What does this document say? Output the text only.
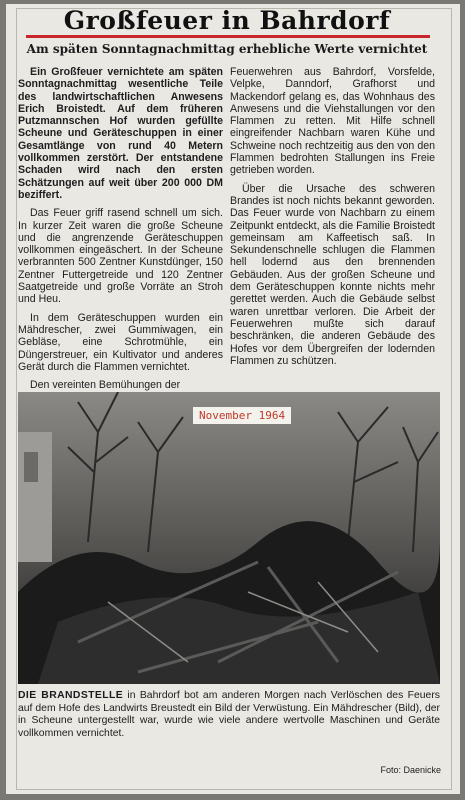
Großfeuer in Bahrdorf
Am späten Sonntagnachmittag erhebliche Werte vernichtet

Ein Großfeuer vernichtete am späten Sonntagnachmittag wesentliche Teile des landwirtschaftlichen Anwesens Erich Broistedt. Auf dem früheren Putzmannschen Hof wurden gefüllte Scheune und Geräteschuppen in einer Gesamtlänge von rund 40 Metern vollkommen zerstört. Der entstandene Schaden wird nach den ersten Schätzungen auf weit über 200 000 DM beziffert.

Das Feuer griff rasend schnell um sich. In kurzer Zeit waren die große Scheune und die angrenzende Geräteschuppen vollkommen eingeäschert. In der Scheune verbrannten 500 Zentner Kunstdünger, 150 Zentner Futtergetreide und 120 Zentner Saatgetreide und große Vorräte an Stroh und Heu.

In dem Geräteschuppen wurden ein Mähdrescher, zwei Gummiwagen, ein Gebläse, eine Schrotmühle, ein Düngerstreuer, ein Kultivator und anderes Gerät durch die Flammen vernichtet.

Den vereinten Bemühungen der

Feuerwehren aus Bahrdorf, Vorsfelde, Velpke, Danndorf, Grafhorst und Mackendorf gelang es, das Wohnhaus des Anwesens und die Viehstallungen vor den Flammen zu retten. Mit Hilfe schnell eingreifender Nachbarn waren Kühe und Schweine noch rechtzeitig aus den von den Flammen bedrohten Stallungen ins Freie getrieben worden.

Über die Ursache des schweren Brandes ist noch nichts bekannt geworden. Das Feuer wurde von Nachbarn zu einem Zeitpunkt entdeckt, als die Familie Broistedt gemeinsam am Kaffeetisch saß. In Sekundenschnelle schlugen die Flammen hell lodernd aus den brennenden Gebäuden. Aus der großen Scheune und dem Geräteschuppen konnte nichts mehr gerettet werden. Auch die Gebäude selbst waren unrettbar verloren. Die Arbeit der Feuerwehren mußte sich darauf beschränken, die anderen Gebäude des Hofes vor dem Übergreifen der lodernden Flammen zu schützen.

November 1964
DIE BRANDSTELLE in Bahrdorf bot am anderen Morgen nach Verlöschen des Feuers auf dem Hofe des Landwirts Breustedt ein Bild der Verwüstung. Ein Mähdrescher (Bild), der in Scheune untergestellt war, wurde wie viele andere wertvolle Maschinen und Geräte vollkommen vernichtet.
Foto: Daenicke
